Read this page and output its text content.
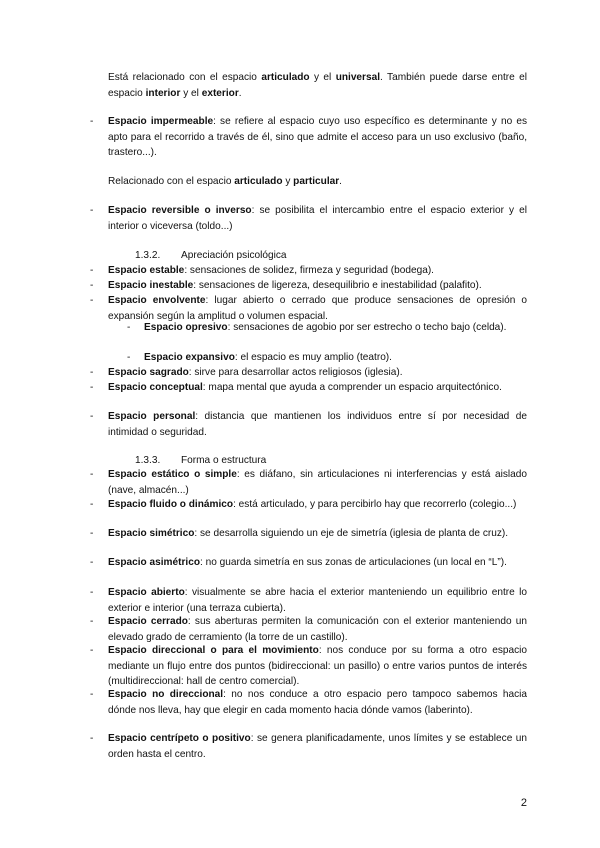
Está relacionado con el espacio articulado y el universal. También puede darse entre el espacio interior y el exterior.
- Espacio impermeable: se refiere al espacio cuyo uso específico es determinante y no es apto para el recorrido a través de él, sino que admite el acceso para un uso exclusivo (baño, trastero...).
Relacionado con el espacio articulado y particular.
- Espacio reversible o inverso: se posibilita el intercambio entre el espacio exterior y el interior o viceversa (toldo...)
1.3.2. Apreciación psicológica
- Espacio estable: sensaciones de solidez, firmeza y seguridad (bodega).
- Espacio inestable: sensaciones de ligereza, desequilibrio e inestabilidad (palafito).
- Espacio envolvente: lugar abierto o cerrado que produce sensaciones de opresión o expansión según la amplitud o volumen espacial.
- Espacio opresivo: sensaciones de agobio por ser estrecho o techo bajo (celda).
- Espacio expansivo: el espacio es muy amplio (teatro).
- Espacio sagrado: sirve para desarrollar actos religiosos (iglesia).
- Espacio conceptual: mapa mental que ayuda a comprender un espacio arquitectónico.
- Espacio personal: distancia que mantienen los individuos entre sí por necesidad de intimidad o seguridad.
1.3.3. Forma o estructura
- Espacio estático o simple: es diáfano, sin articulaciones ni interferencias y está aislado (nave, almacén...)
- Espacio fluido o dinámico: está articulado, y para percibirlo hay que recorrerlo (colegio...)
- Espacio simétrico: se desarrolla siguiendo un eje de simetría (iglesia de planta de cruz).
- Espacio asimétrico: no guarda simetría en sus zonas de articulaciones (un local en “L”).
- Espacio abierto: visualmente se abre hacia el exterior manteniendo un equilibrio entre lo exterior e interior (una terraza cubierta).
- Espacio cerrado: sus aberturas permiten la comunicación con el exterior manteniendo un elevado grado de cerramiento (la torre de un castillo).
- Espacio direccional o para el movimiento: nos conduce por su forma a otro espacio mediante un flujo entre dos puntos (bidireccional: un pasillo) o entre varios puntos de interés (multidireccional: hall de centro comercial).
- Espacio no direccional: no nos conduce a otro espacio pero tampoco sabemos hacia dónde nos lleva, hay que elegir en cada momento hacia dónde vamos (laberinto).
- Espacio centrípeto o positivo: se genera planificadamente, unos límites y se establece un orden hasta el centro.
2
